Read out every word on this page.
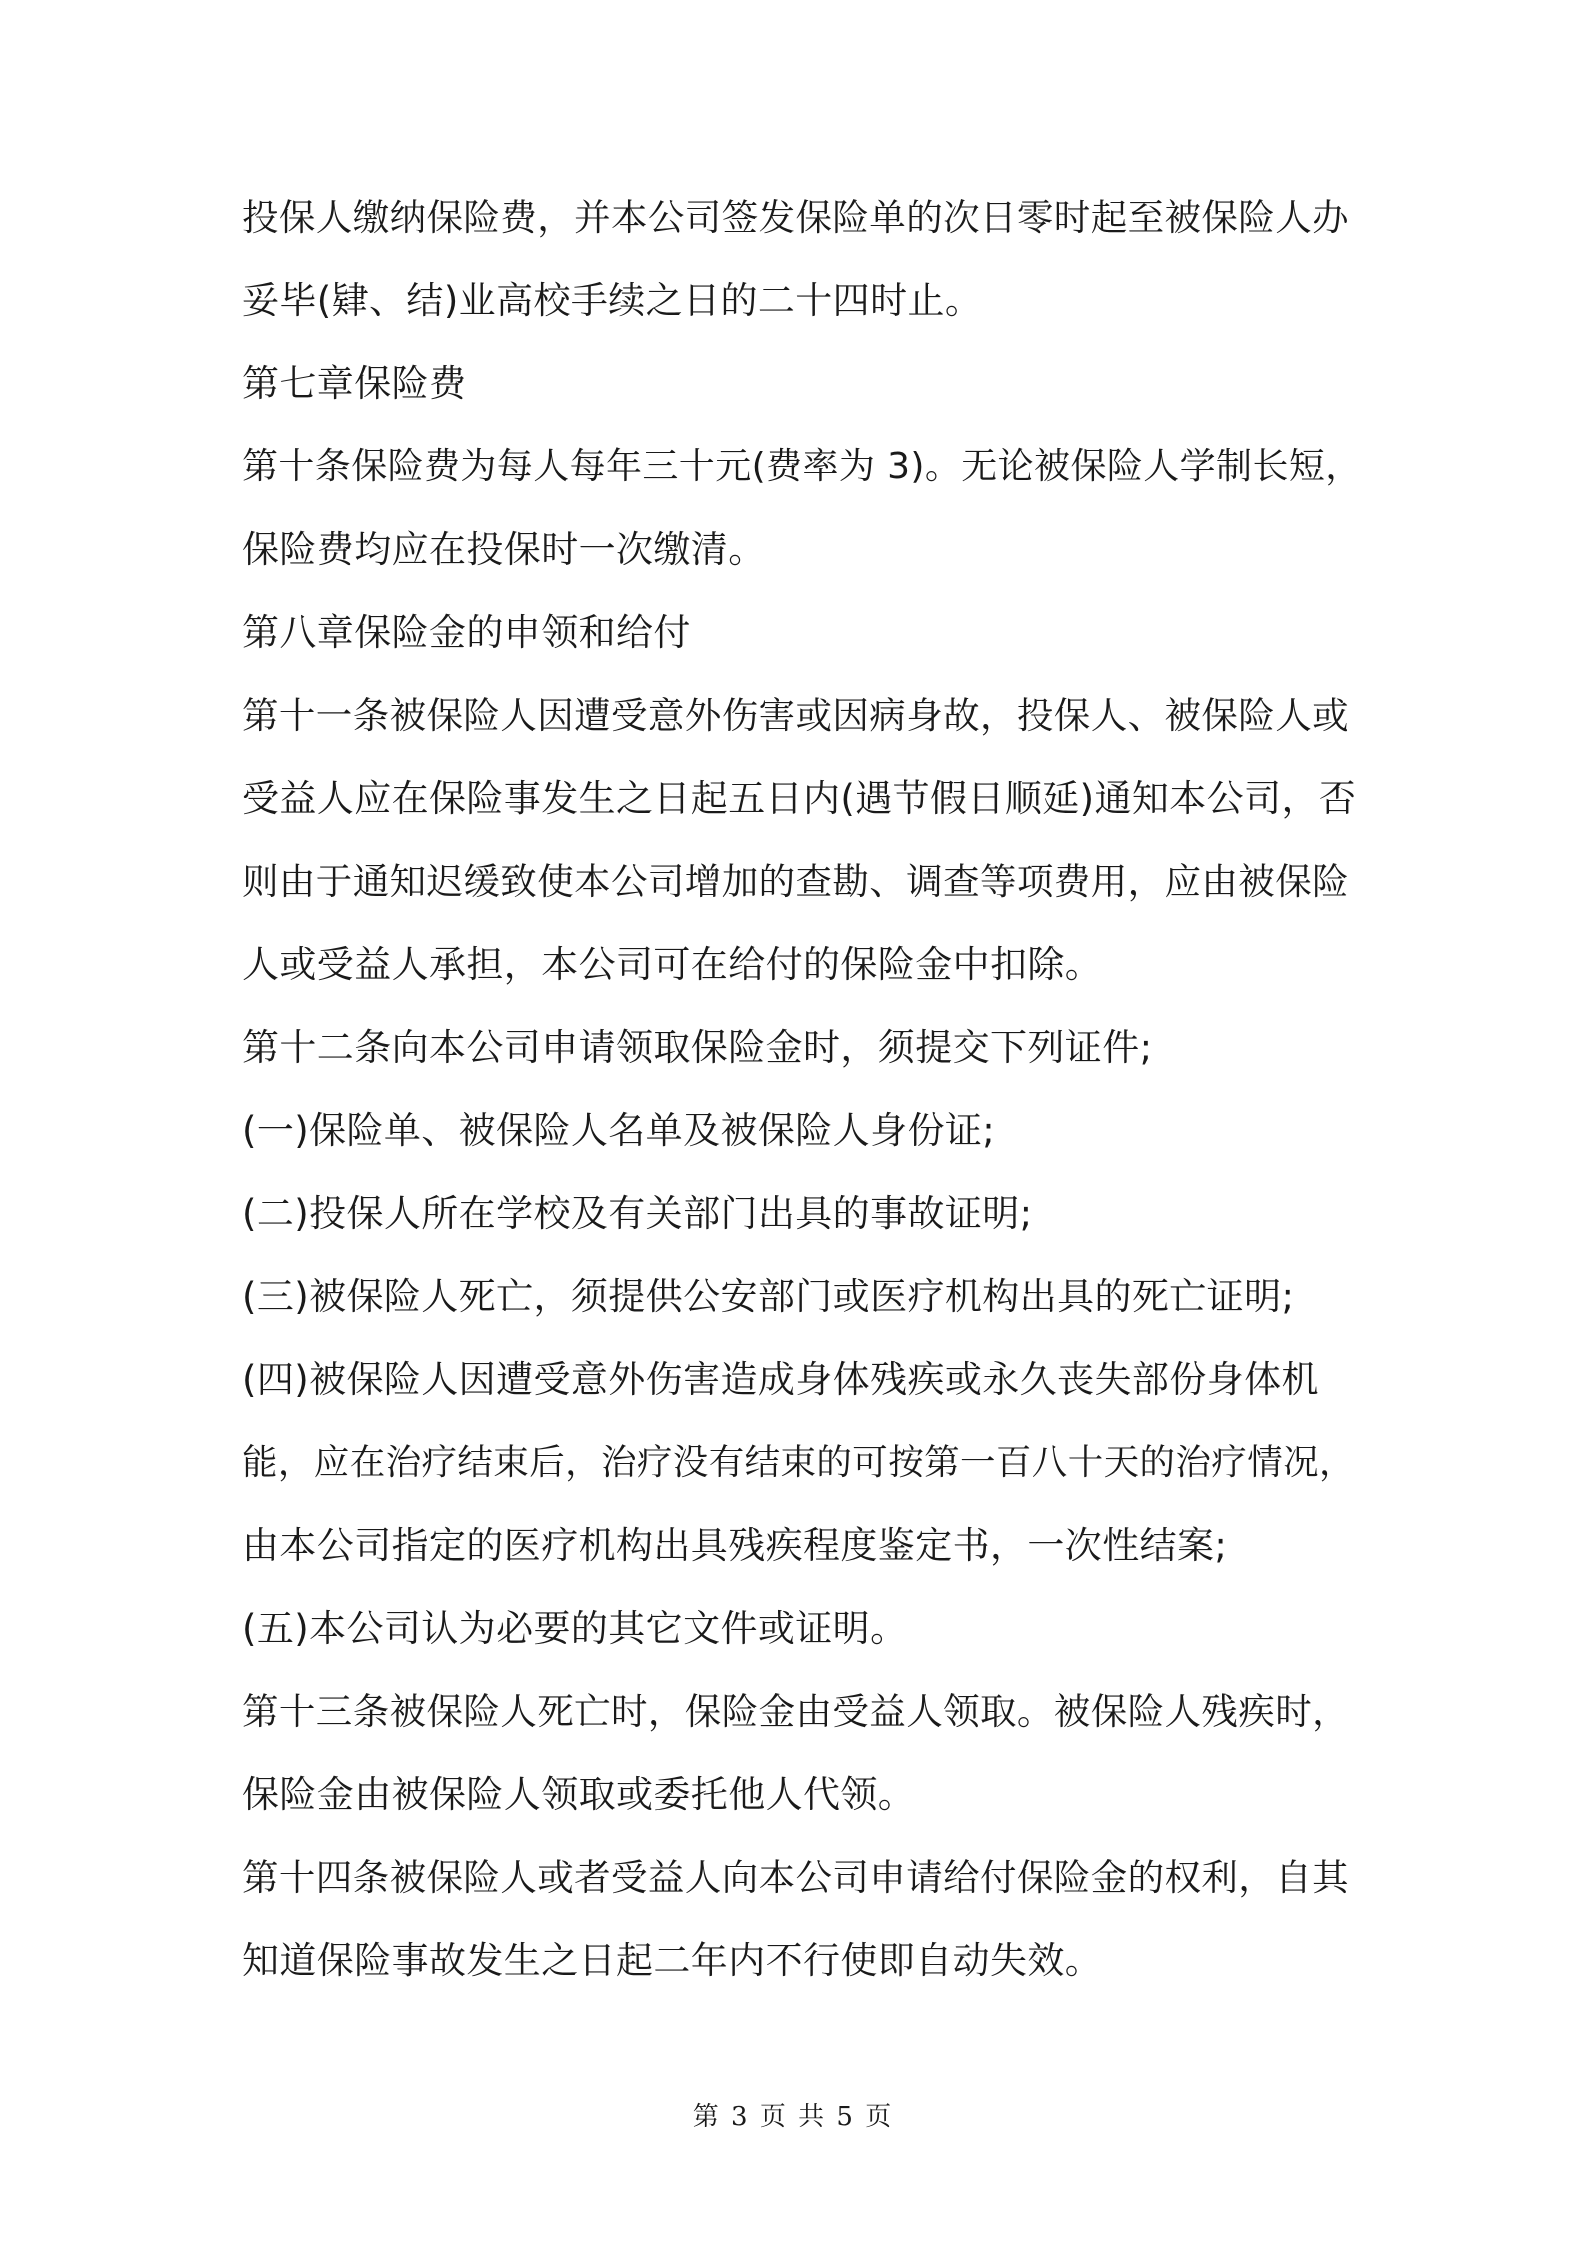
投保人缴纳保险费，并本公司签发保险单的次日零时起至被保险人办
妥毕(肄、结)业高校手续之日的二十四时止。
第七章保险费
第十条保险费为每人每年三十元(费率为 3)。无论被保险人学制长短，
保险费均应在投保时一次缴清。
第八章保险金的申领和给付
第十一条被保险人因遭受意外伤害或因病身故，投保人、被保险人或
受益人应在保险事发生之日起五日内(遇节假日顺延)通知本公司，否
则由于通知迟缓致使本公司增加的查勘、调查等项费用，应由被保险
人或受益人承担，本公司可在给付的保险金中扣除。
第十二条向本公司申请领取保险金时，须提交下列证件;
(一)保险单、被保险人名单及被保险人身份证;
(二)投保人所在学校及有关部门出具的事故证明;
(三)被保险人死亡，须提供公安部门或医疗机构出具的死亡证明;
(四)被保险人因遭受意外伤害造成身体残疾或永久丧失部份身体机
能，应在治疗结束后，治疗没有结束的可按第一百八十天的治疗情况，
由本公司指定的医疗机构出具残疾程度鉴定书，一次性结案;
(五)本公司认为必要的其它文件或证明。
第十三条被保险人死亡时，保险金由受益人领取。被保险人残疾时，
保险金由被保险人领取或委托他人代领。
第十四条被保险人或者受益人向本公司申请给付保险金的权利，自其
知道保险事故发生之日起二年内不行使即自动失效。
第 3 页 共 5 页
